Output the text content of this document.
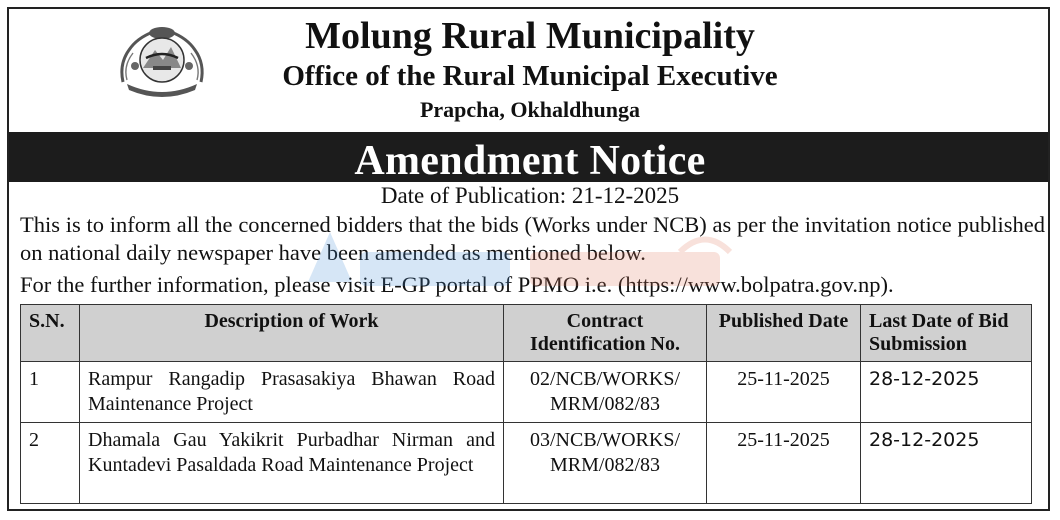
Molung Rural Municipality
Office of the Rural Municipal Executive
Prapcha, Okhaldhunga
Amendment Notice
Date of Publication: 21-12-2025
This is to inform all the concerned bidders that the bids (Works under NCB) as per the invitation notice published on national daily newspaper have been amended as mentioned below.
For the further information, please visit E-GP portal of PPMO i.e. (https://www.bolpatra.gov.np).
S.N.	Description of Work	Contract Identification No.	Published Date	Last Date of Bid Submission
1	Rampur Rangadip Prasasakiya Bhawan Road Maintenance Project	02/NCB/WORKS/ MRM/082/83	25-11-2025	28-12-2025
2	Dhamala Gau Yakikrit Purbadhar Nirman and Kuntadevi Pasaldada Road Maintenance Project	03/NCB/WORKS/ MRM/082/83	25-11-2025	28-12-2025
